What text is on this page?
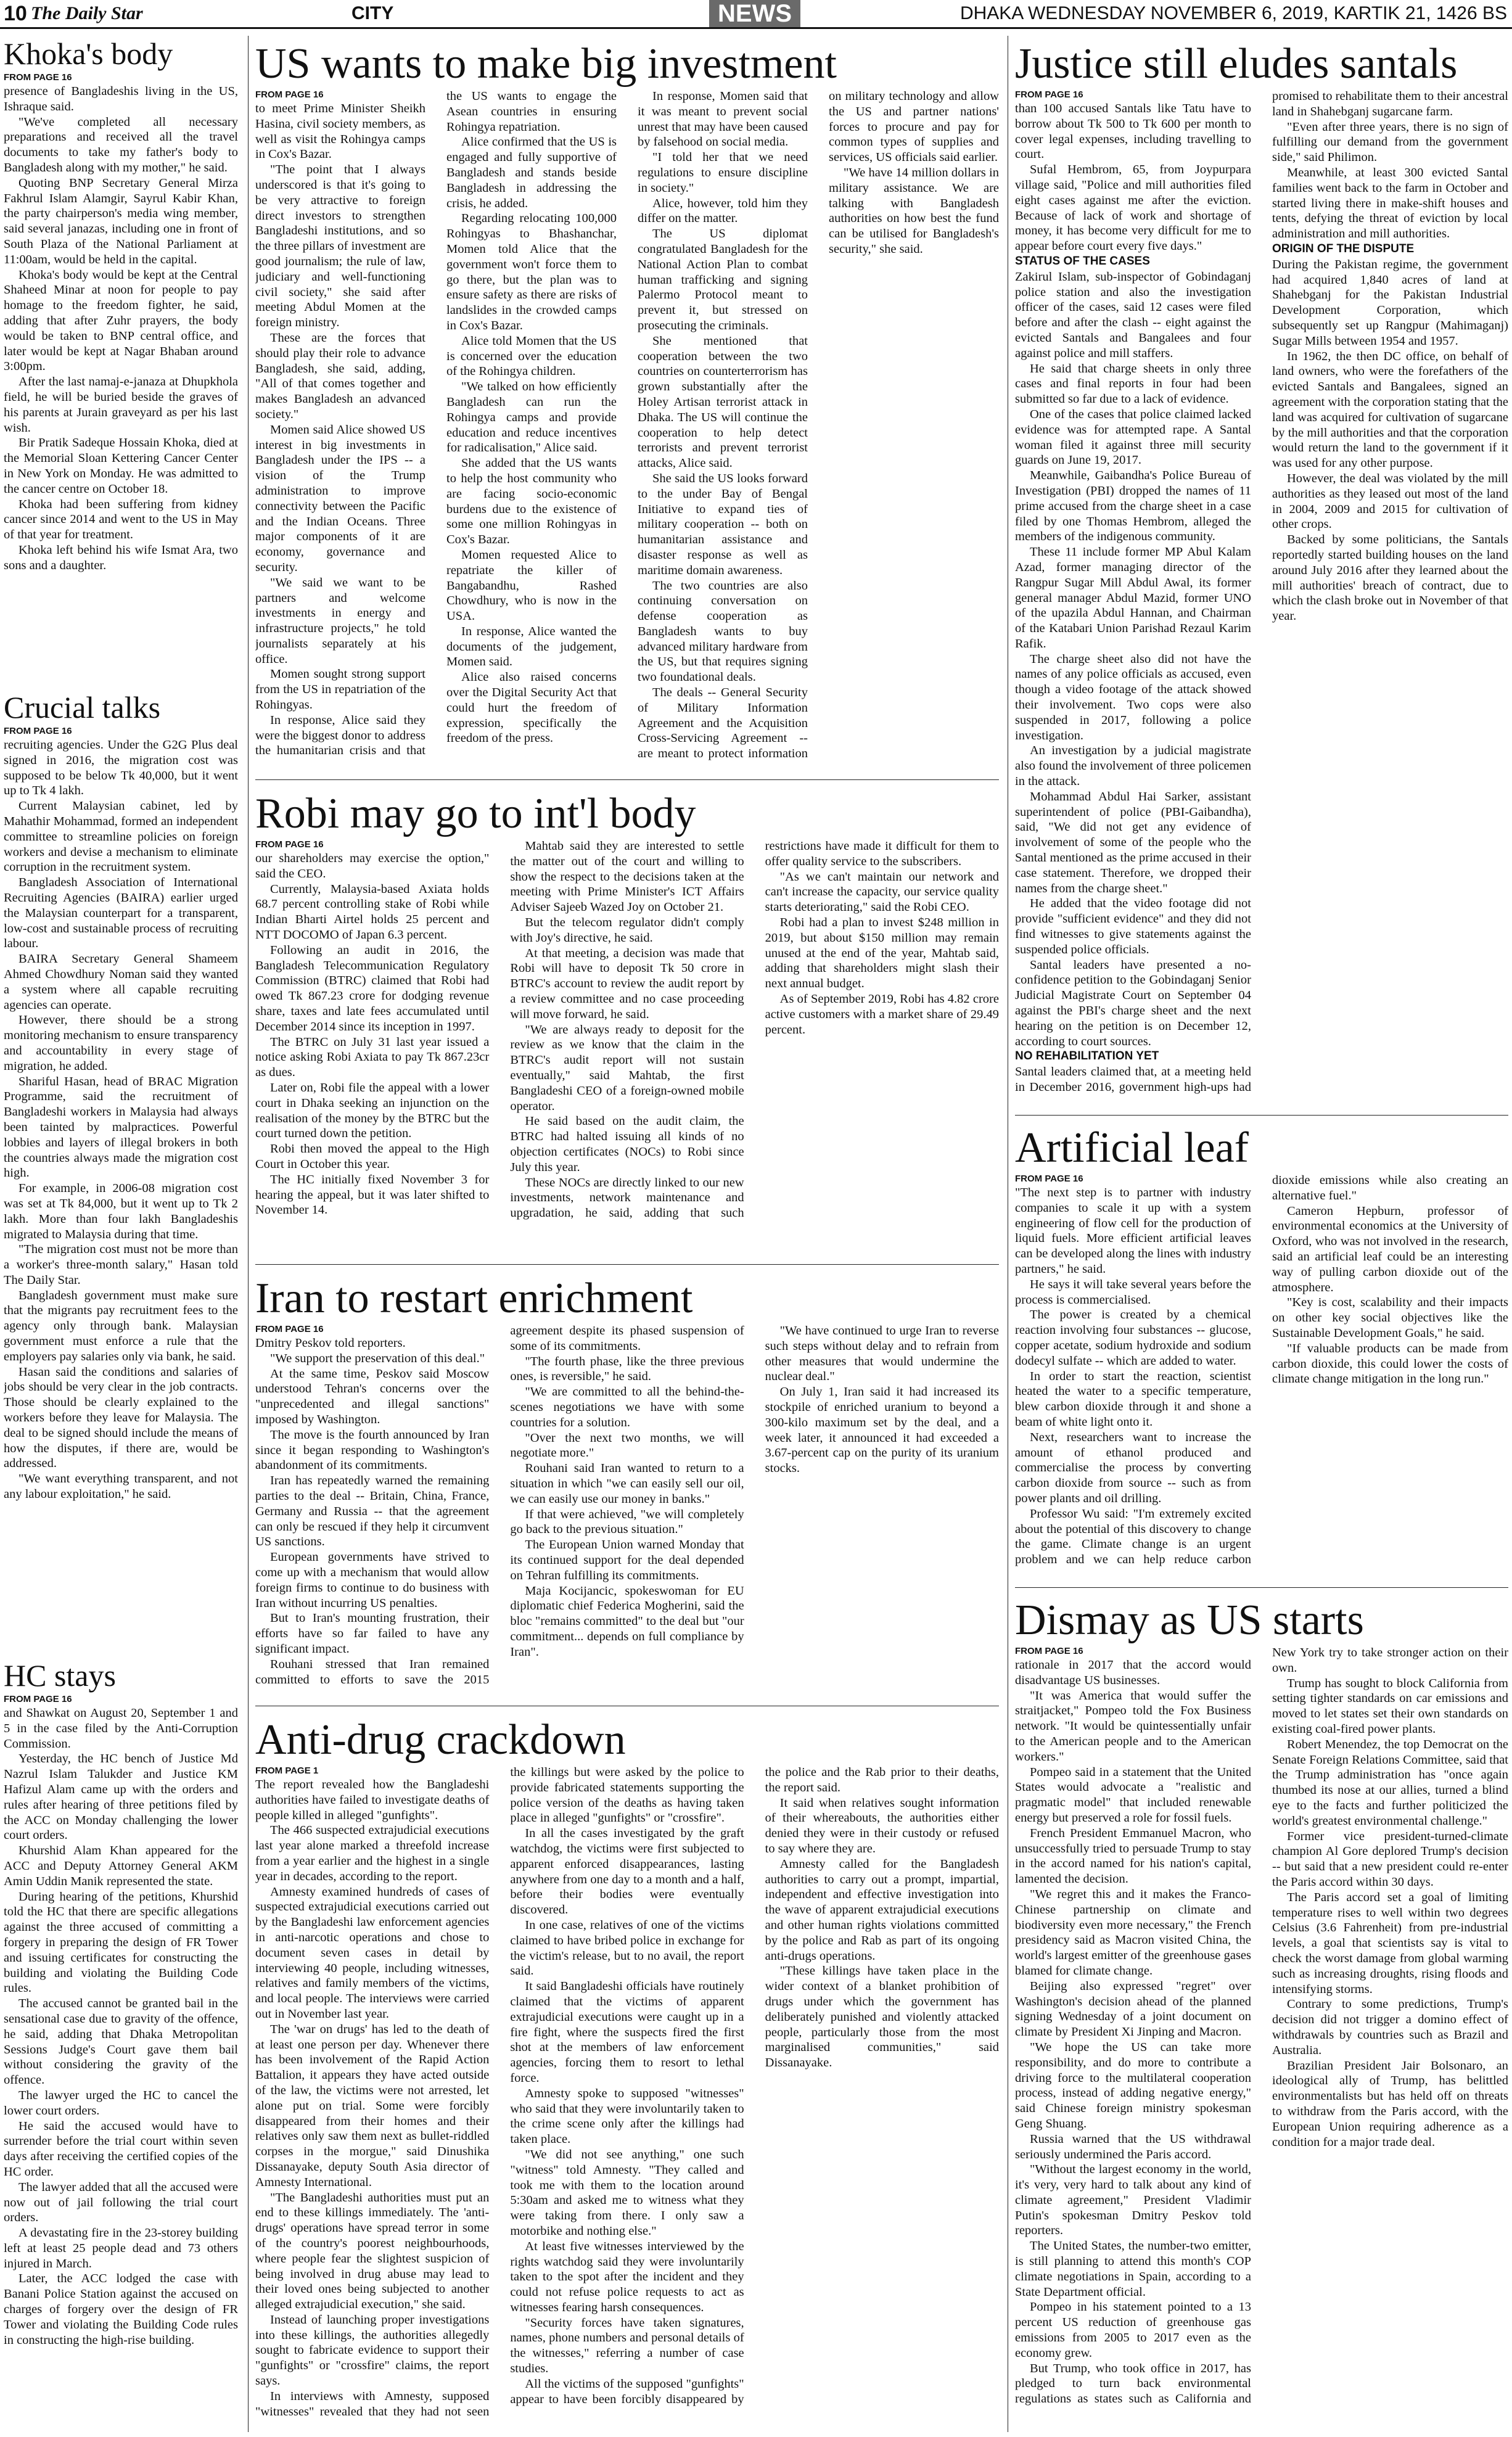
10 The Daily Star	CITY	NEWS	DHAKA WEDNESDAY NOVEMBER 6, 2019, KARTIK 21, 1426 BS
Khoka's body

FROM PAGE 16

presence of Bangladeshis living in the US, Ishraque said.

"We've completed all necessary preparations and received all the travel documents to take my father's body to Bangladesh along with my mother," he said.

Quoting BNP Secretary General Mirza Fakhrul Islam Alamgir, Sayrul Kabir Khan, the party chairperson's media wing member, said several janazas, including one in front of South Plaza of the National Parliament at 11:00am, would be held in the capital.

Khoka's body would be kept at the Central Shaheed Minar at noon for people to pay homage to the freedom fighter, he said, adding that after Zuhr prayers, the body would be taken to BNP central office, and later would be kept at Nagar Bhaban around 3:00pm.

After the last namaj-e-janaza at Dhupkhola field, he will be buried beside the graves of his parents at Jurain graveyard as per his last wish.

Bir Pratik Sadeque Hossain Khoka, died at the Memorial Sloan Kettering Cancer Center in New York on Monday. He was admitted to the cancer centre on October 18.

Khoka had been suffering from kidney cancer since 2014 and went to the US in May of that year for treatment.

Khoka left behind his wife Ismat Ara, two sons and a daughter.

Crucial talks

FROM PAGE 16

recruiting agencies. Under the G2G Plus deal signed in 2016, the migration cost was supposed to be below Tk 40,000, but it went up to Tk 4 lakh.

Current Malaysian cabinet, led by Mahathir Mohammad, formed an independent committee to streamline policies on foreign workers and devise a mechanism to eliminate corruption in the recruitment system.

Bangladesh Association of International Recruiting Agencies (BAIRA) earlier urged the Malaysian counterpart for a transparent, low-cost and sustainable process of recruiting labour.

BAIRA Secretary General Shameem Ahmed Chowdhury Noman said they wanted a system where all capable recruiting agencies can operate.

However, there should be a strong monitoring mechanism to ensure transparency and accountability in every stage of migration, he added.

Shariful Hasan, head of BRAC Migration Programme, said the recruitment of Bangladeshi workers in Malaysia had always been tainted by malpractices. Powerful lobbies and layers of illegal brokers in both the countries always made the migration cost high.

For example, in 2006-08 migration cost was set at Tk 84,000, but it went up to Tk 2 lakh. More than four lakh Bangladeshis migrated to Malaysia during that time.

"The migration cost must not be more than a worker's three-month salary," Hasan told The Daily Star.

Bangladesh government must make sure that the migrants pay recruitment fees to the agency only through bank. Malaysian government must enforce a rule that the employers pay salaries only via bank, he said.

Hasan said the conditions and salaries of jobs should be very clear in the job contracts. Those should be clearly explained to the workers before they leave for Malaysia. The deal to be signed should include the means of how the disputes, if there are, would be addressed.

"We want everything transparent, and not any labour exploitation," he said.

HC stays

FROM PAGE 16

and Shawkat on August 20, September 1 and 5 in the case filed by the Anti-Corruption Commission.

Yesterday, the HC bench of Justice Md Nazrul Islam Talukder and Justice KM Hafizul Alam came up with the orders and rules after hearing of three petitions filed by the ACC on Monday challenging the lower court orders.

Khurshid Alam Khan appeared for the ACC and Deputy Attorney General AKM Amin Uddin Manik represented the state.

During hearing of the petitions, Khurshid told the HC that there are specific allegations against the three accused of committing a forgery in preparing the design of FR Tower and issuing certificates for constructing the building and violating the Building Code rules.

The accused cannot be granted bail in the sensational case due to gravity of the offence, he said, adding that Dhaka Metropolitan Sessions Judge's Court gave them bail without considering the gravity of the offence.

The lawyer urged the HC to cancel the lower court orders.

He said the accused would have to surrender before the trial court within seven days after receiving the certified copies of the HC order.

The lawyer added that all the accused were now out of jail following the trial court orders.

A devastating fire in the 23-storey building left at least 25 people dead and 73 others injured in March.

Later, the ACC lodged the case with Banani Police Station against the accused on charges of forgery over the design of FR Tower and violating the Building Code rules in constructing the high-rise building.

US wants to make big investment

FROM PAGE 16

to meet Prime Minister Sheikh Hasina, civil society members, as well as visit the Rohingya camps in Cox's Bazar.

"The point that I always underscored is that it's going to be very attractive to foreign direct investors to strengthen Bangladeshi institutions, and so the three pillars of investment are good journalism; the rule of law, judiciary and well-functioning civil society," she said after meeting Abdul Momen at the foreign ministry.

These are the forces that should play their role to advance Bangladesh, she said, adding, "All of that comes together and makes Bangladesh an advanced society."

Momen said Alice showed US interest in big investments in Bangladesh under the IPS -- a vision of the Trump administration to improve connectivity between the Pacific and the Indian Oceans. Three major components of it are economy, governance and security.

"We said we want to be partners and welcome investments in energy and infrastructure projects," he told journalists separately at his office.

Momen sought strong support from the US in repatriation of the Rohingyas.

In response, Alice said they were the biggest donor to address the humanitarian crisis and that the US wants to engage the Asean countries in ensuring Rohingya repatriation.

Alice confirmed that the US is engaged and fully supportive of Bangladesh and stands beside Bangladesh in addressing the crisis, he added.

Regarding relocating 100,000 Rohingyas to Bhashanchar, Momen told Alice that the government won't force them to go there, but the plan was to ensure safety as there are risks of landslides in the crowded camps in Cox's Bazar.

Alice told Momen that the US is concerned over the education of the Rohingya children.

"We talked on how efficiently Bangladesh can run the Rohingya camps and provide education and reduce incentives for radicalisation," Alice said.

She added that the US wants to help the host community who are facing socio-economic burdens due to the existence of some one million Rohingyas in Cox's Bazar.

Momen requested Alice to repatriate the killer of Bangabandhu, Rashed Chowdhury, who is now in the USA.

In response, Alice wanted the documents of the judgement, Momen said.

Alice also raised concerns over the Digital Security Act that could hurt the freedom of expression, specifically the freedom of the press.

In response, Momen said that it was meant to prevent social unrest that may have been caused by falsehood on social media.

"I told her that we need regulations to ensure discipline in society."

Alice, however, told him they differ on the matter.

The US diplomat congratulated Bangladesh for the National Action Plan to combat human trafficking and signing Palermo Protocol meant to prevent it, but stressed on prosecuting the criminals.

She mentioned that cooperation between the two countries on counterterrorism has grown substantially after the Holey Artisan terrorist attack in Dhaka. The US will continue the cooperation to help detect terrorists and prevent terrorist attacks, Alice said.

She said the US looks forward to the under Bay of Bengal Initiative to expand ties of military cooperation -- both on humanitarian assistance and disaster response as well as maritime domain awareness.

The two countries are also continuing conversation on defense cooperation as Bangladesh wants to buy advanced military hardware from the US, but that requires signing two foundational deals.

The deals -- General Security of Military Information Agreement and the Acquisition Cross-Servicing Agreement -- are meant to protect information on military technology and allow the US and partner nations' forces to procure and pay for common types of supplies and services, US officials said earlier.

"We have 14 million dollars in military assistance. We are talking with Bangladesh authorities on how best the fund can be utilised for Bangladesh's security," she said.

Robi may go to int'l body

FROM PAGE 16

our shareholders may exercise the option," said the CEO.

Currently, Malaysia-based Axiata holds 68.7 percent controlling stake of Robi while Indian Bharti Airtel holds 25 percent and NTT DOCOMO of Japan 6.3 percent.

Following an audit in 2016, the Bangladesh Telecommunication Regulatory Commission (BTRC) claimed that Robi had owed Tk 867.23 crore for dodging revenue share, taxes and late fees accumulated until December 2014 since its inception in 1997.

The BTRC on July 31 last year issued a notice asking Robi Axiata to pay Tk 867.23cr as dues.

Later on, Robi file the appeal with a lower court in Dhaka seeking an injunction on the realisation of the money by the BTRC but the court turned down the petition.

Robi then moved the appeal to the High Court in October this year.

The HC initially fixed November 3 for hearing the appeal, but it was later shifted to November 14.

Mahtab said they are interested to settle the matter out of the court and willing to show the respect to the decisions taken at the meeting with Prime Minister's ICT Affairs Adviser Sajeeb Wazed Joy on October 21.

But the telecom regulator didn't comply with Joy's directive, he said.

At that meeting, a decision was made that Robi will have to deposit Tk 50 crore in BTRC's account to review the audit report by a review committee and no case proceeding will move forward, he said.

"We are always ready to deposit for the review as we know that the claim in the BTRC's audit report will not sustain eventually," said Mahtab, the first Bangladeshi CEO of a foreign-owned mobile operator.

He said based on the audit claim, the BTRC had halted issuing all kinds of no objection certificates (NOCs) to Robi since July this year.

These NOCs are directly linked to our new investments, network maintenance and upgradation, he said, adding that such restrictions have made it difficult for them to offer quality service to the subscribers.

"As we can't maintain our network and can't increase the capacity, our service quality starts deteriorating," said the Robi CEO.

Robi had a plan to invest $248 million in 2019, but about $150 million may remain unused at the end of the year, Mahtab said, adding that shareholders might slash their next annual budget.

As of September 2019, Robi has 4.82 crore active customers with a market share of 29.49 percent.

Iran to restart enrichment

FROM PAGE 16

Dmitry Peskov told reporters.

"We support the preservation of this deal."

At the same time, Peskov said Moscow understood Tehran's concerns over the "unprecedented and illegal sanctions" imposed by Washington.

The move is the fourth announced by Iran since it began responding to Washington's abandonment of its commitments.

Iran has repeatedly warned the remaining parties to the deal -- Britain, China, France, Germany and Russia -- that the agreement can only be rescued if they help it circumvent US sanctions.

European governments have strived to come up with a mechanism that would allow foreign firms to continue to do business with Iran without incurring US penalties.

But to Iran's mounting frustration, their efforts have so far failed to have any significant impact.

Rouhani stressed that Iran remained committed to efforts to save the 2015 agreement despite its phased suspension of some of its commitments.

"The fourth phase, like the three previous ones, is reversible," he said.

"We are committed to all the behind-the-scenes negotiations we have with some countries for a solution.

"Over the next two months, we will negotiate more."

Rouhani said Iran wanted to return to a situation in which "we can easily sell our oil, we can easily use our money in banks."

If that were achieved, "we will completely go back to the previous situation."

The European Union warned Monday that its continued support for the deal depended on Tehran fulfilling its commitments.

Maja Kocijancic, spokeswoman for EU diplomatic chief Federica Mogherini, said the bloc "remains committed" to the deal but "our commitment... depends on full compliance by Iran".

"We have continued to urge Iran to reverse such steps without delay and to refrain from other measures that would undermine the nuclear deal."

On July 1, Iran said it had increased its stockpile of enriched uranium to beyond a 300-kilo maximum set by the deal, and a week later, it announced it had exceeded a 3.67-percent cap on the purity of its uranium stocks.

Anti-drug crackdown

FROM PAGE 1

The report revealed how the Bangladeshi authorities have failed to investigate deaths of people killed in alleged "gunfights".

The 466 suspected extrajudicial executions last year alone marked a threefold increase from a year earlier and the highest in a single year in decades, according to the report.

Amnesty examined hundreds of cases of suspected extrajudicial executions carried out by the Bangladeshi law enforcement agencies in anti-narcotic operations and chose to document seven cases in detail by interviewing 40 people, including witnesses, relatives and family members of the victims, and local people. The interviews were carried out in November last year.

The 'war on drugs' has led to the death of at least one person per day. Whenever there has been involvement of the Rapid Action Battalion, it appears they have acted outside of the law, the victims were not arrested, let alone put on trial. Some were forcibly disappeared from their homes and their relatives only saw them next as bullet-riddled corpses in the morgue," said Dinushika Dissanayake, deputy South Asia director of Amnesty International.

"The Bangladeshi authorities must put an end to these killings immediately. The 'anti-drugs' operations have spread terror in some of the country's poorest neighbourhoods, where people fear the slightest suspicion of being involved in drug abuse may lead to their loved ones being subjected to another alleged extrajudicial execution," she said.

Instead of launching proper investigations into these killings, the authorities allegedly sought to fabricate evidence to support their "gunfights" or "crossfire" claims, the report says.

In interviews with Amnesty, supposed "witnesses" revealed that they had not seen the killings but were asked by the police to provide fabricated statements supporting the police version of the deaths as having taken place in alleged "gunfights" or "crossfire".

In all the cases investigated by the graft watchdog, the victims were first subjected to apparent enforced disappearances, lasting anywhere from one day to a month and a half, before their bodies were eventually discovered.

In one case, relatives of one of the victims claimed to have bribed police in exchange for the victim's release, but to no avail, the report said.

It said Bangladeshi officials have routinely claimed that the victims of apparent extrajudicial executions were caught up in a fire fight, where the suspects fired the first shot at the members of law enforcement agencies, forcing them to resort to lethal force.

Amnesty spoke to supposed "witnesses" who said that they were involuntarily taken to the crime scene only after the killings had taken place.

"We did not see anything," one such "witness" told Amnesty. "They called and took me with them to the location around 5:30am and asked me to witness what they were taking from there. I only saw a motorbike and nothing else."

At least five witnesses interviewed by the rights watchdog said they were involuntarily taken to the spot after the incident and they could not refuse police requests to act as witnesses fearing harsh consequences.

"Security forces have taken signatures, names, phone numbers and personal details of the witnesses," referring a number of case studies.

All the victims of the supposed "gunfights" appear to have been forcibly disappeared by the police and the Rab prior to their deaths, the report said.

It said when relatives sought information of their whereabouts, the authorities either denied they were in their custody or refused to say where they are.

Amnesty called for the Bangladesh authorities to carry out a prompt, impartial, independent and effective investigation into the wave of apparent extrajudicial executions and other human rights violations committed by the police and Rab as part of its ongoing anti-drugs operations.

"These killings have taken place in the wider context of a blanket prohibition of drugs under which the government has deliberately punished and violently attacked people, particularly those from the most marginalised communities," said Dissanayake.

Justice still eludes santals

FROM PAGE 16

than 100 accused Santals like Tatu have to borrow about Tk 500 to Tk 600 per month to cover legal expenses, including travelling to court.

Sufal Hembrom, 65, from Joypurpara village said, "Police and mill authorities filed eight cases against me after the eviction. Because of lack of work and shortage of money, it has become very difficult for me to appear before court every five days."

STATUS OF THE CASES

Zakirul Islam, sub-inspector of Gobindaganj police station and also the investigation officer of the cases, said 12 cases were filed before and after the clash -- eight against the evicted Santals and Bangalees and four against police and mill staffers.

He said that charge sheets in only three cases and final reports in four had been submitted so far due to a lack of evidence.

One of the cases that police claimed lacked evidence was for attempted rape. A Santal woman filed it against three mill security guards on June 19, 2017.

Meanwhile, Gaibandha's Police Bureau of Investigation (PBI) dropped the names of 11 prime accused from the charge sheet in a case filed by one Thomas Hembrom, alleged the members of the indigenous community.

These 11 include former MP Abul Kalam Azad, former managing director of the Rangpur Sugar Mill Abdul Awal, its former general manager Abdul Mazid, former UNO of the upazila Abdul Hannan, and Chairman of the Katabari Union Parishad Rezaul Karim Rafik.

The charge sheet also did not have the names of any police officials as accused, even though a video footage of the attack showed their involvement. Two cops were also suspended in 2017, following a police investigation.

An investigation by a judicial magistrate also found the involvement of three policemen in the attack.

Mohammad Abdul Hai Sarker, assistant superintendent of police (PBI-Gaibandha), said, "We did not get any evidence of involvement of some of the people who the Santal mentioned as the prime accused in their case statement. Therefore, we dropped their names from the charge sheet."

He added that the video footage did not provide "sufficient evidence" and they did not find witnesses to give statements against the suspended police officials.

Santal leaders have presented a no-confidence petition to the Gobindaganj Senior Judicial Magistrate Court on September 04 against the PBI's charge sheet and the next hearing on the petition is on December 12, according to court sources.

NO REHABILITATION YET

Santal leaders claimed that, at a meeting held in December 2016, government high-ups had promised to rehabilitate them to their ancestral land in Shahebganj sugarcane farm.

"Even after three years, there is no sign of fulfilling our demand from the government side," said Philimon.

Meanwhile, at least 300 evicted Santal families went back to the farm in October and started living there in make-shift houses and tents, defying the threat of eviction by local administration and mill authorities.

ORIGIN OF THE DISPUTE

During the Pakistan regime, the government had acquired 1,840 acres of land at Shahebganj for the Pakistan Industrial Development Corporation, which subsequently set up Rangpur (Mahimaganj) Sugar Mills between 1954 and 1957.

In 1962, the then DC office, on behalf of land owners, who were the forefathers of the evicted Santals and Bangalees, signed an agreement with the corporation stating that the land was acquired for cultivation of sugarcane by the mill authorities and that the corporation would return the land to the government if it was used for any other purpose.

However, the deal was violated by the mill authorities as they leased out most of the land in 2004, 2009 and 2015 for cultivation of other crops.

Backed by some politicians, the Santals reportedly started building houses on the land around July 2016 after they learned about the mill authorities' breach of contract, due to which the clash broke out in November of that year.

Artificial leaf

FROM PAGE 16

"The next step is to partner with industry companies to scale it up with a system engineering of flow cell for the production of liquid fuels. More efficient artificial leaves can be developed along the lines with industry partners," he said.

He says it will take several years before the process is commercialised.

The power is created by a chemical reaction involving four substances -- glucose, copper acetate, sodium hydroxide and sodium dodecyl sulfate -- which are added to water.

In order to start the reaction, scientist heated the water to a specific temperature, blew carbon dioxide through it and shone a beam of white light onto it.

Next, researchers want to increase the amount of ethanol produced and commercialise the process by converting carbon dioxide from source -- such as from power plants and oil drilling.

Professor Wu said: "I'm extremely excited about the potential of this discovery to change the game. Climate change is an urgent problem and we can help reduce carbon dioxide emissions while also creating an alternative fuel."

Cameron Hepburn, professor of environmental economics at the University of Oxford, who was not involved in the research, said an artificial leaf could be an interesting way of pulling carbon dioxide out of the atmosphere.

"Key is cost, scalability and their impacts on other key social objectives like the Sustainable Development Goals," he said.

"If valuable products can be made from carbon dioxide, this could lower the costs of climate change mitigation in the long run."

Dismay as US starts

FROM PAGE 16

rationale in 2017 that the accord would disadvantage US businesses.

"It was America that would suffer the straitjacket," Pompeo told the Fox Business network. "It would be quintessentially unfair to the American people and to the American workers."

Pompeo said in a statement that the United States would advocate a "realistic and pragmatic model" that included renewable energy but preserved a role for fossil fuels.

French President Emmanuel Macron, who unsuccessfully tried to persuade Trump to stay in the accord named for his nation's capital, lamented the decision.

"We regret this and it makes the Franco-Chinese partnership on climate and biodiversity even more necessary," the French presidency said as Macron visited China, the world's largest emitter of the greenhouse gases blamed for climate change.

Beijing also expressed "regret" over Washington's decision ahead of the planned signing Wednesday of a joint document on climate by President Xi Jinping and Macron.

"We hope the US can take more responsibility, and do more to contribute a driving force to the multilateral cooperation process, instead of adding negative energy," said Chinese foreign ministry spokesman Geng Shuang.

Russia warned that the US withdrawal seriously undermined the Paris accord.

"Without the largest economy in the world, it's very, very hard to talk about any kind of climate agreement," President Vladimir Putin's spokesman Dmitry Peskov told reporters.

The United States, the number-two emitter, is still planning to attend this month's COP climate negotiations in Spain, according to a State Department official.

Pompeo in his statement pointed to a 13 percent US reduction of greenhouse gas emissions from 2005 to 2017 even as the economy grew.

But Trump, who took office in 2017, has pledged to turn back environmental regulations as states such as California and New York try to take stronger action on their own.

Trump has sought to block California from setting tighter standards on car emissions and moved to let states set their own standards on existing coal-fired power plants.

Robert Menendez, the top Democrat on the Senate Foreign Relations Committee, said that the Trump administration has "once again thumbed its nose at our allies, turned a blind eye to the facts and further politicized the world's greatest environmental challenge."

Former vice president-turned-climate champion Al Gore deplored Trump's decision -- but said that a new president could re-enter the Paris accord within 30 days.

The Paris accord set a goal of limiting temperature rises to well within two degrees Celsius (3.6 Fahrenheit) from pre-industrial levels, a goal that scientists say is vital to check the worst damage from global warming such as increasing droughts, rising floods and intensifying storms.

Contrary to some predictions, Trump's decision did not trigger a domino effect of withdrawals by countries such as Brazil and Australia.

Brazilian President Jair Bolsonaro, an ideological ally of Trump, has belittled environmentalists but has held off on threats to withdraw from the Paris accord, with the European Union requiring adherence as a condition for a major trade deal.
